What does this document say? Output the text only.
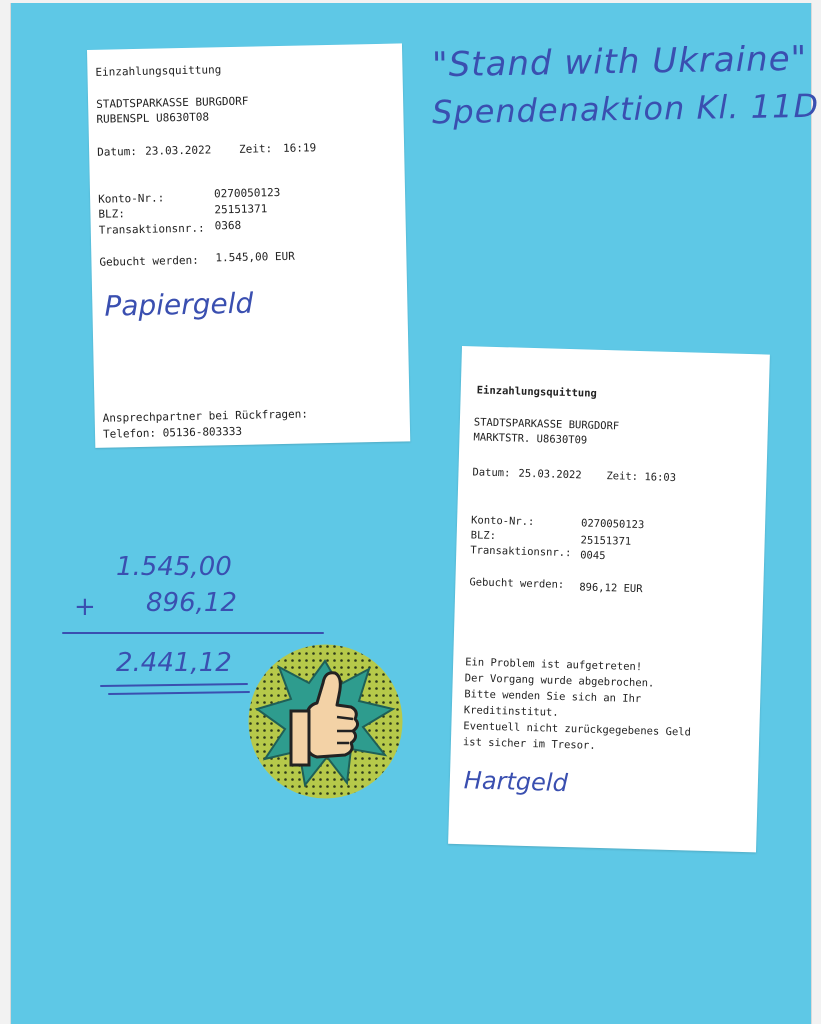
"Stand with Ukraine"
Spendenaktion Kl. 11D
Einzahlungsquittung
STADTSPARKASSE BURGDORF
RUBENSPL U8630T08
Datum: 23.03.2022 Zeit: 16:19
Konto-Nr.:	0270050123
BLZ:	25151371
Transaktionsnr.: 0368
Gebucht werden: 1.545,00 EUR
Papiergeld
Ansprechpartner bei Rückfragen:
Telefon: 05136-803333
Einzahlungsquittung
STADTSPARKASSE BURGDORF
MARKTSTR. U8630T09
Datum: 25.03.2022 Zeit: 16:03
Konto-Nr.:	0270050123
BLZ:	25151371
Transaktionsnr.: 0045
Gebucht werden: 896,12 EUR
Ein Problem ist aufgetreten!
Der Vorgang wurde abgebrochen.
Bitte wenden Sie sich an Ihr
Kreditinstitut.
Eventuell nicht zurückgegebenes Geld
ist sicher im Tresor.
Hartgeld
1.545,00
+ 896,12
2.441,12
